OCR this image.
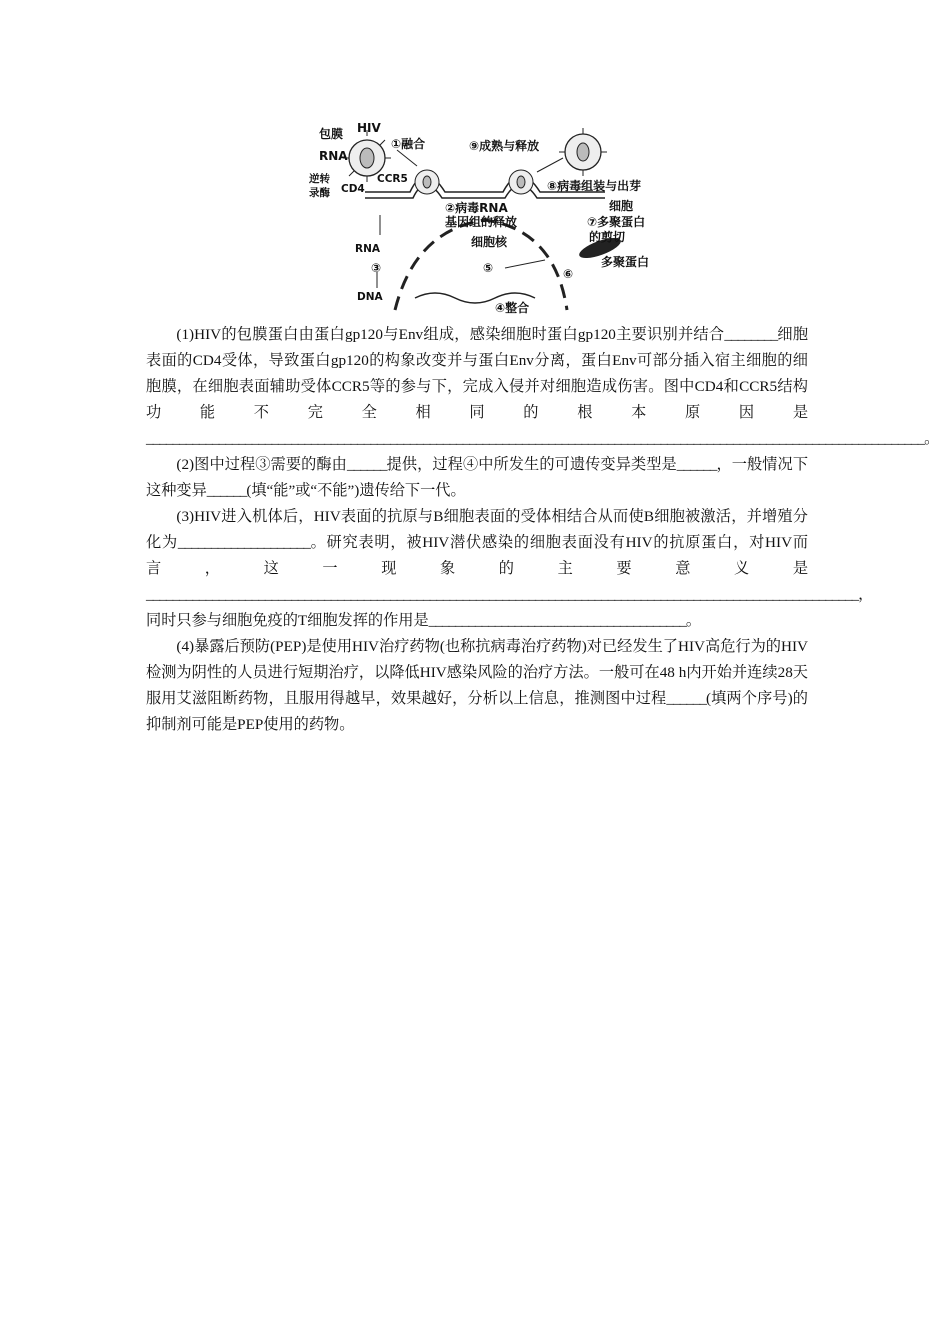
包膜 HIV
RNA
①融合	⑨成熟与释放
逆转
录酶 CD4
CCR5
②病毒RNA
基因组的释放
⑧病毒组装与出芽
细胞
⑦多聚蛋白
的剪切
细胞核
RNA
③
DNA
⑤	⑥
多聚蛋白
④整合

(1)HIV的包膜蛋白由蛋白gp120与Env组成，感染细胞时蛋白gp120主要识别并结合________细胞表面的CD4受体，导致蛋白gp120的构象改变并与蛋白Env分离，蛋白Env可部分插入宿主细胞的细胞膜，在细胞表面辅助受体CCR5等的参与下，完成入侵并对细胞造成伤害。图中CD4和CCR5结构功能不完全相同的根本原因是______________________________________________________________________________________________________________________。

(2)图中过程③需要的酶由______提供，过程④中所发生的可遗传变异类型是______，一般情况下这种变异______(填“能”或“不能”)遗传给下一代。

(3)HIV进入机体后，HIV表面的抗原与B细胞表面的受体相结合从而使B细胞被激活，并增殖分化为____________________。研究表明，被HIV潜伏感染的细胞表面没有HIV的抗原蛋白，对HIV而言，这一现象的主要意义是____________________________________________________________________________________________________________，同时只参与细胞免疫的T细胞发挥的作用是_______________________________________。

(4)暴露后预防(PEP)是使用HIV治疗药物(也称抗病毒治疗药物)对已经发生了HIV高危行为的HIV检测为阴性的人员进行短期治疗，以降低HIV感染风险的治疗方法。一般可在48 h内开始并连续28天服用艾滋阻断药物，且服用得越早，效果越好，分析以上信息，推测图中过程______(填两个序号)的抑制剂可能是PEP使用的药物。
